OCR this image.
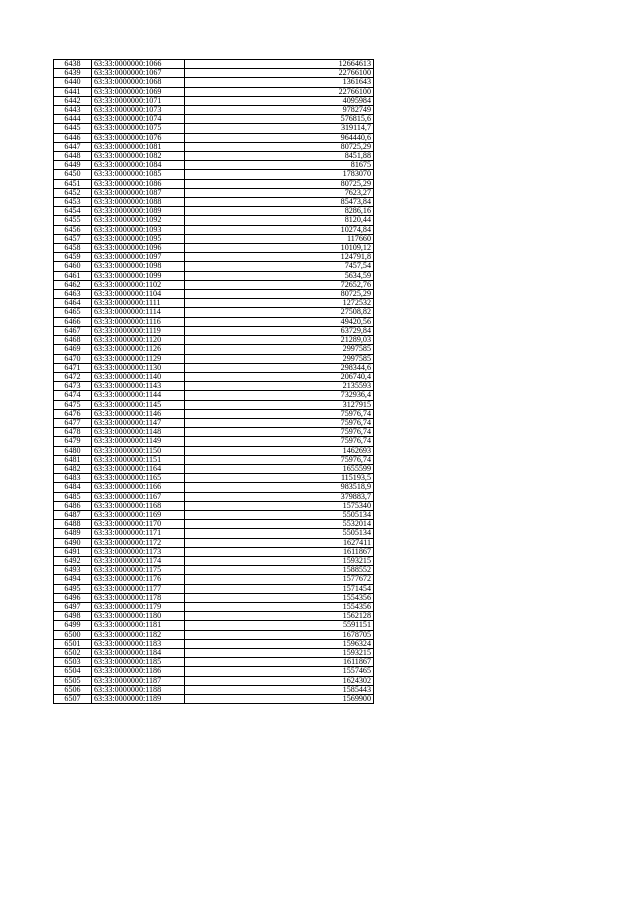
6438	63:33:0000000:1066	12664613
6439	63:33:0000000:1067	22766100
6440	63:33:0000000:1068	1361643
6441	63:33:0000000:1069	22766100
6442	63:33:0000000:1071	4095984
6443	63:33:0000000:1073	9782749
6444	63:33:0000000:1074	576815,6
6445	63:33:0000000:1075	319114,7
6446	63:33:0000000:1076	964440,6
6447	63:33:0000000:1081	80725,29
6448	63:33:0000000:1082	8451,88
6449	63:33:0000000:1084	81675
6450	63:33:0000000:1085	1783070
6451	63:33:0000000:1086	80725,29
6452	63:33:0000000:1087	7623,27
6453	63:33:0000000:1088	85473,84
6454	63:33:0000000:1089	8286,16
6455	63:33:0000000:1092	8120,44
6456	63:33:0000000:1093	10274,84
6457	63:33:0000000:1095	117660
6458	63:33:0000000:1096	10109,12
6459	63:33:0000000:1097	124791,8
6460	63:33:0000000:1098	7457,54
6461	63:33:0000000:1099	5634,59
6462	63:33:0000000:1102	72652,76
6463	63:33:0000000:1104	80725,29
6464	63:33:0000000:1111	1272532
6465	63:33:0000000:1114	27508,82
6466	63:33:0000000:1116	49420,56
6467	63:33:0000000:1119	63729,84
6468	63:33:0000000:1120	21289,03
6469	63:33:0000000:1126	2997585
6470	63:33:0000000:1129	2997585
6471	63:33:0000000:1130	298344,6
6472	63:33:0000000:1140	206740,4
6473	63:33:0000000:1143	2135593
6474	63:33:0000000:1144	732936,4
6475	63:33:0000000:1145	3127915
6476	63:33:0000000:1146	75976,74
6477	63:33:0000000:1147	75976,74
6478	63:33:0000000:1148	75976,74
6479	63:33:0000000:1149	75976,74
6480	63:33:0000000:1150	1462693
6481	63:33:0000000:1151	75976,74
6482	63:33:0000000:1164	1655599
6483	63:33:0000000:1165	115193,5
6484	63:33:0000000:1166	983518,9
6485	63:33:0000000:1167	379883,7
6486	63:33:0000000:1168	1575340
6487	63:33:0000000:1169	5505134
6488	63:33:0000000:1170	5532014
6489	63:33:0000000:1171	5505134
6490	63:33:0000000:1172	1627411
6491	63:33:0000000:1173	1611867
6492	63:33:0000000:1174	1593215
6493	63:33:0000000:1175	1588552
6494	63:33:0000000:1176	1577672
6495	63:33:0000000:1177	1571454
6496	63:33:0000000:1178	1554356
6497	63:33:0000000:1179	1554356
6498	63:33:0000000:1180	1562128
6499	63:33:0000000:1181	5591151
6500	63:33:0000000:1182	1678705
6501	63:33:0000000:1183	1596324
6502	63:33:0000000:1184	1593215
6503	63:33:0000000:1185	1611867
6504	63:33:0000000:1186	1557465
6505	63:33:0000000:1187	1624302
6506	63:33:0000000:1188	1585443
6507	63:33:0000000:1189	1569900
